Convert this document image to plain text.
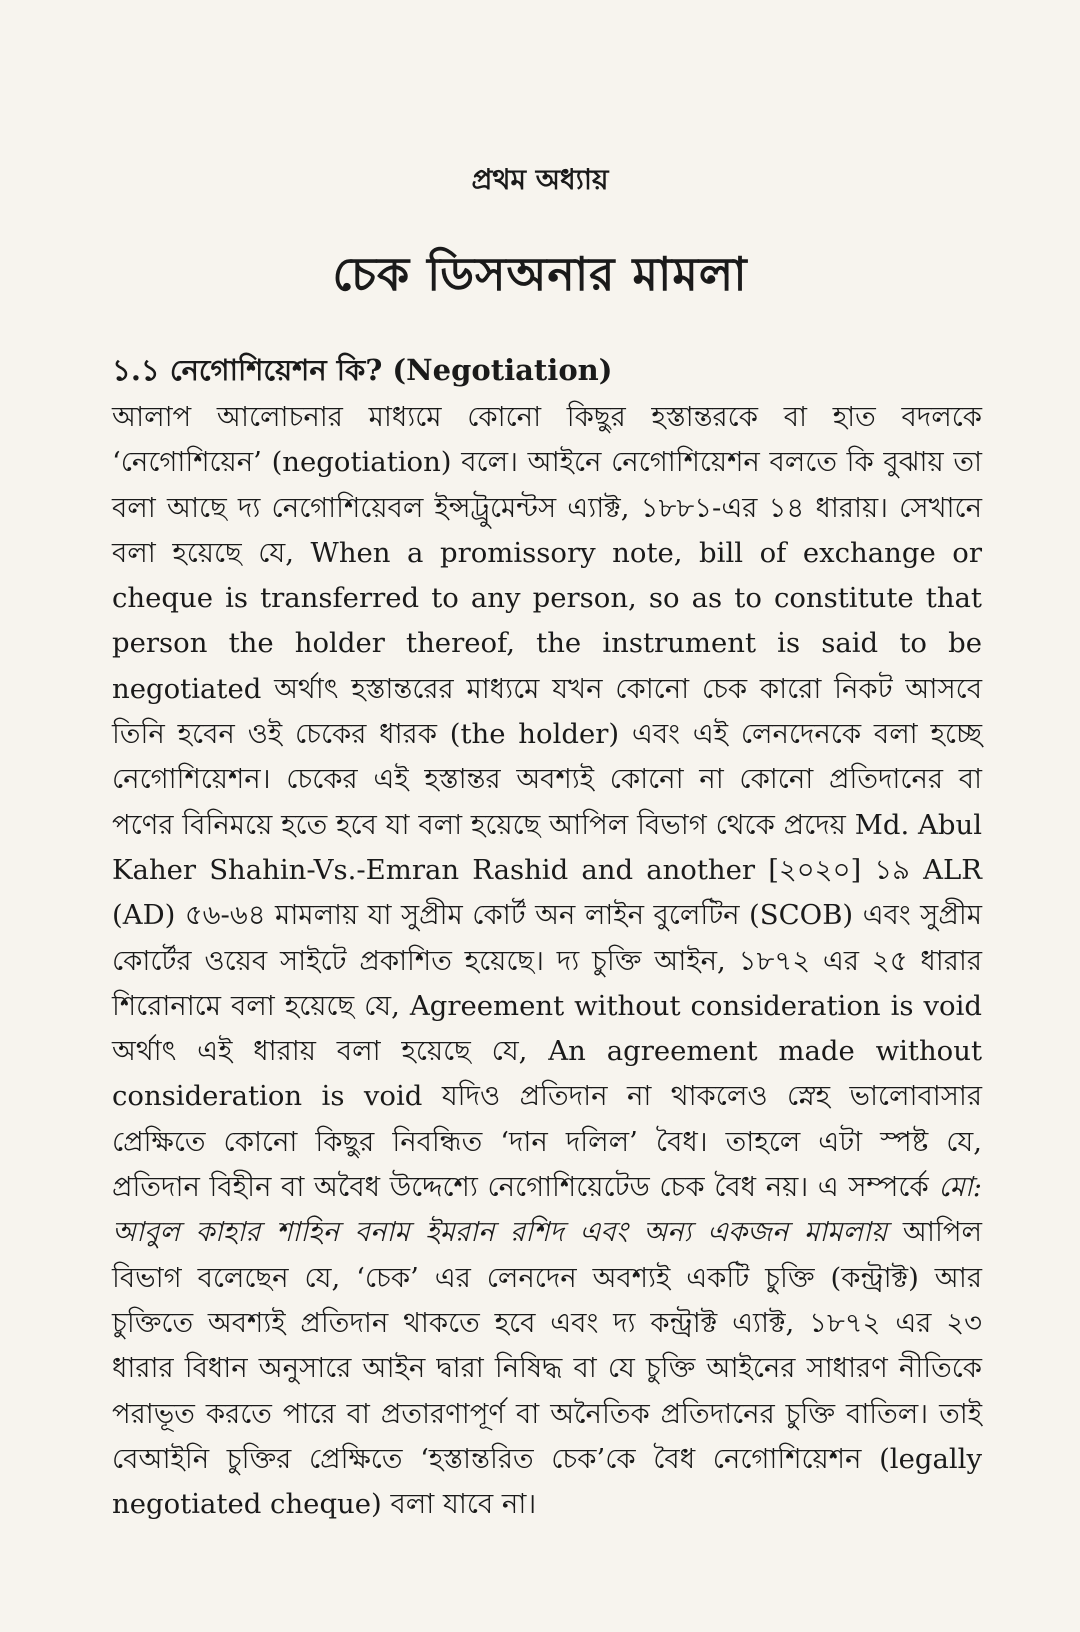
প্রথম অধ্যায়
চেক ডিসঅনার মামলা
১.১ নেগোশিয়েশন কি? (Negotiation)
আলাপ আলোচনার মাধ্যমে কোনো কিছুর হস্তান্তরকে বা হাত বদলকে ‘নেগোশিয়েন’ (negotiation) বলে। আইনে নেগোশিয়েশন বলতে কি বুঝায় তা বলা আছে দ্য নেগোশিয়েবল ইন্সট্রুমেন্টস এ্যাক্ট, ১৮৮১-এর ১৪ ধারায়। সেখানে বলা হয়েছে যে, When a promissory note, bill of exchange or cheque is transferred to any person, so as to constitute that person the holder thereof, the instrument is said to be negotiated অর্থাৎ হস্তান্তরের মাধ্যমে যখন কোনো চেক কারো নিকট আসবে তিনি হবেন ওই চেকের ধারক (the holder) এবং এই লেনদেনকে বলা হচ্ছে নেগোশিয়েশন। চেকের এই হস্তান্তর অবশ্যই কোনো না কোনো প্রতিদানের বা পণের বিনিময়ে হতে হবে যা বলা হয়েছে আপিল বিভাগ থেকে প্রদেয় Md. Abul Kaher Shahin-Vs.-Emran Rashid and another [২০২০] ১৯ ALR (AD) ৫৬-৬৪ মামলায় যা সুপ্রীম কোর্ট অন লাইন বুলেটিন (SCOB) এবং সুপ্রীম কোর্টের ওয়েব সাইটে প্রকাশিত হয়েছে। দ্য চুক্তি আইন, ১৮৭২ এর ২৫ ধারার শিরোনামে বলা হয়েছে যে, Agreement without consideration is void অর্থাৎ এই ধারায় বলা হয়েছে যে, An agreement made without consideration is void যদিও প্রতিদান না থাকলেও স্নেহ ভালোবাসার প্রেক্ষিতে কোনো কিছুর নিবন্ধিত ‘দান দলিল’ বৈধ। তাহলে এটা স্পষ্ট যে, প্রতিদান বিহীন বা অবৈধ উদ্দেশ্যে নেগোশিয়েটেড চেক বৈধ নয়। এ সম্পর্কে মো: আবুল কাহার শাহিন বনাম ইমরান রশিদ এবং অন্য একজন মামলায় আপিল বিভাগ বলেছেন যে, ‘চেক’ এর লেনদেন অবশ্যই একটি চুক্তি (কন্ট্রাক্ট) আর চুক্তিতে অবশ্যই প্রতিদান থাকতে হবে এবং দ্য কন্ট্রাক্ট এ্যাক্ট, ১৮৭২ এর ২৩ ধারার বিধান অনুসারে আইন দ্বারা নিষিদ্ধ বা যে চুক্তি আইনের সাধারণ নীতিকে পরাভূত করতে পারে বা প্রতারণাপূর্ণ বা অনৈতিক প্রতিদানের চুক্তি বাতিল। তাই বেআইনি চুক্তির প্রেক্ষিতে ‘হস্তান্তরিত চেক’কে বৈধ নেগোশিয়েশন (legally negotiated cheque) বলা যাবে না।
